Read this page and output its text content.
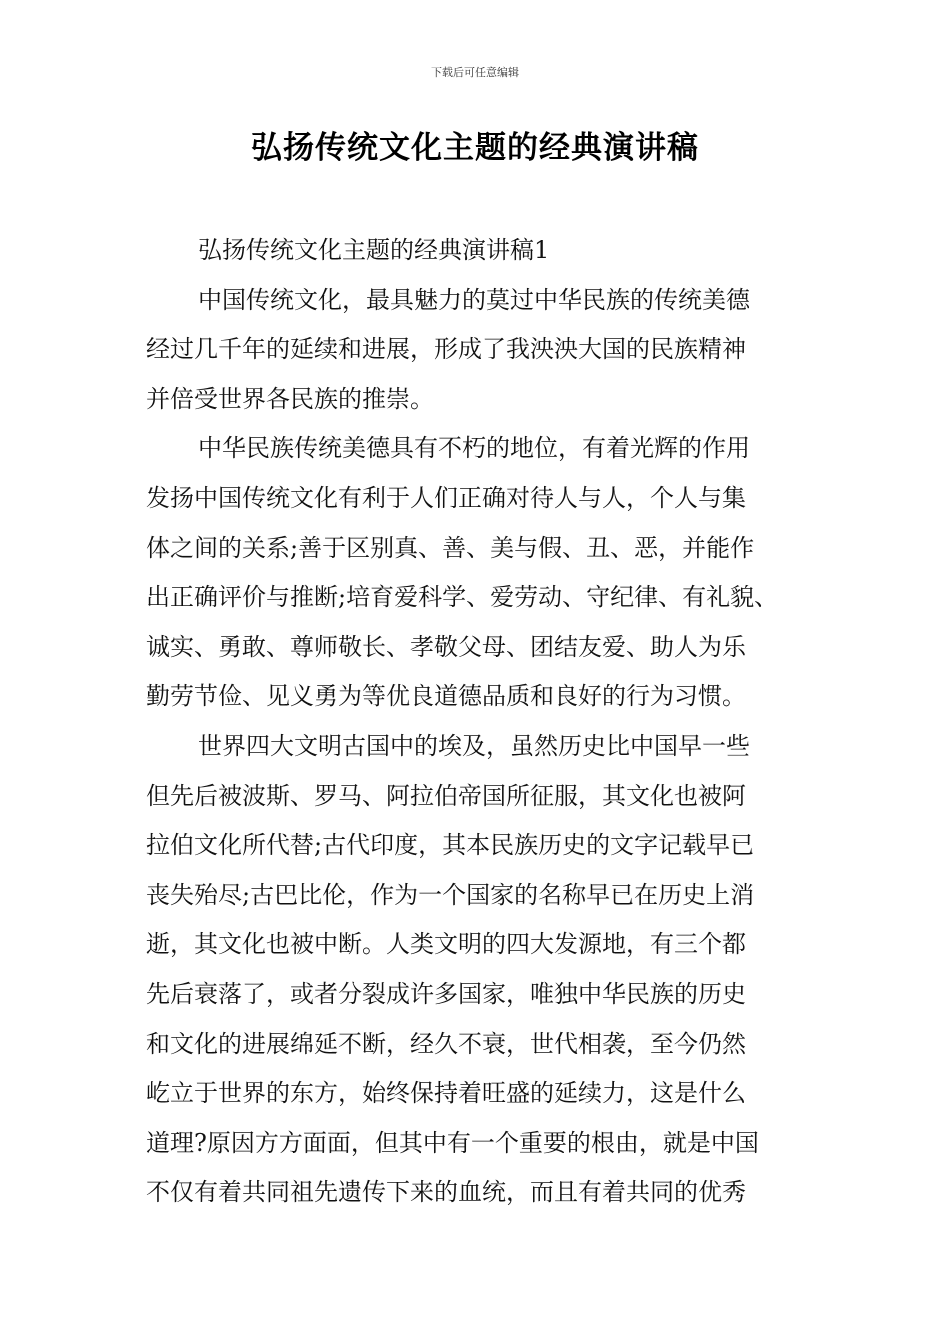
下载后可任意编辑
弘扬传统文化主题的经典演讲稿
弘扬传统文化主题的经典演讲稿1
中国传统文化，最具魅力的莫过中华民族的传统美德
经过几千年的延续和进展，形成了我泱泱大国的民族精神
并倍受世界各民族的推崇。
中华民族传统美德具有不朽的地位，有着光辉的作用
发扬中国传统文化有利于人们正确对待人与人，个人与集
体之间的关系;善于区别真、善、美与假、丑、恶，并能作
出正确评价与推断;培育爱科学、爱劳动、守纪律、有礼貌、
诚实、勇敢、尊师敬长、孝敬父母、团结友爱、助人为乐
勤劳节俭、见义勇为等优良道德品质和良好的行为习惯。
世界四大文明古国中的埃及，虽然历史比中国早一些
但先后被波斯、罗马、阿拉伯帝国所征服，其文化也被阿
拉伯文化所代替;古代印度，其本民族历史的文字记载早已
丧失殆尽;古巴比伦，作为一个国家的名称早已在历史上消
逝，其文化也被中断。人类文明的四大发源地，有三个都
先后衰落了，或者分裂成许多国家，唯独中华民族的历史
和文化的进展绵延不断，经久不衰，世代相袭，至今仍然
屹立于世界的东方，始终保持着旺盛的延续力，这是什么
道理?原因方方面面，但其中有一个重要的根由，就是中国
不仅有着共同祖先遗传下来的血统，而且有着共同的优秀
